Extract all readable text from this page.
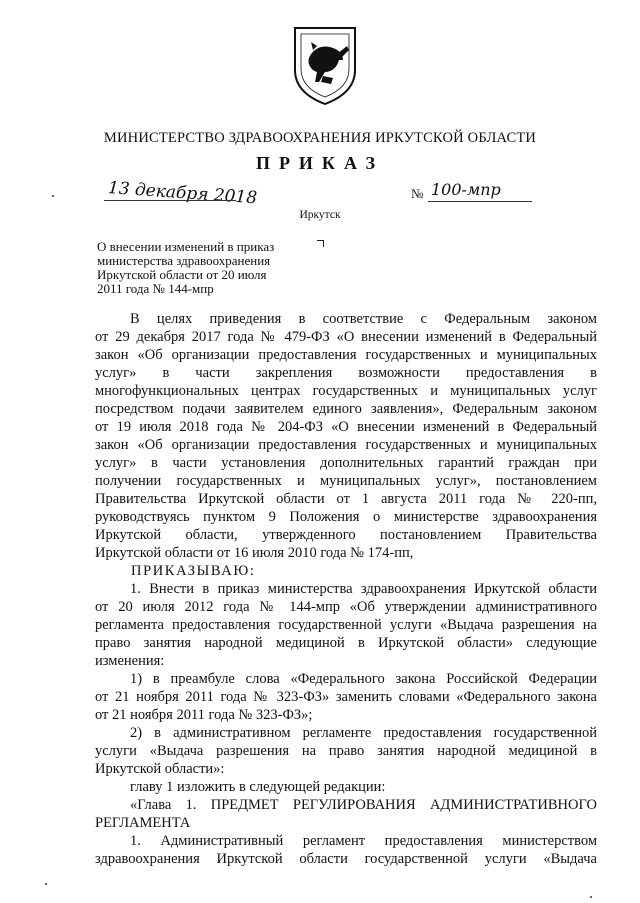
МИНИСТЕРСТВО ЗДРАВООХРАНЕНИЯ ИРКУТСКОЙ ОБЛАСТИ
ПРИКАЗ
13 декабря 2018	№ 100-мпр
Иркутск
О внесении изменений в приказ
министерства здравоохранения
Иркутской области от 20 июля
2011 года № 144-мпр
В целях приведения в соответствие с Федеральным законом
от 29 декабря 2017 года № 479-ФЗ «О внесении изменений в Федеральный
закон «Об организации предоставления государственных и муниципальных
услуг» в части закрепления возможности предоставления в
многофункциональных центрах государственных и муниципальных услуг
посредством подачи заявителем единого заявления», Федеральным законом
от 19 июля 2018 года № 204-ФЗ «О внесении изменений в Федеральный
закон «Об организации предоставления государственных и муниципальных
услуг» в части установления дополнительных гарантий граждан при
получении государственных и муниципальных услуг», постановлением
Правительства Иркутской области от 1 августа 2011 года № 220-пп,
руководствуясь пунктом 9 Положения о министерстве здравоохранения
Иркутской области, утвержденного постановлением Правительства
Иркутской области от 16 июля 2010 года № 174-пп,
ПРИКАЗЫВАЮ:
1. Внести в приказ министерства здравоохранения Иркутской области
от 20 июля 2012 года № 144-мпр «Об утверждении административного
регламента предоставления государственной услуги «Выдача разрешения на
право занятия народной медициной в Иркутской области» следующие
изменения:
1) в преамбуле слова «Федерального закона Российской Федерации
от 21 ноября 2011 года № 323-ФЗ» заменить словами «Федерального закона
от 21 ноября 2011 года № 323-ФЗ»;
2) в административном регламенте предоставления государственной
услуги «Выдача разрешения на право занятия народной медициной в
Иркутской области»:
главу 1 изложить в следующей редакции:
«Глава 1. ПРЕДМЕТ РЕГУЛИРОВАНИЯ АДМИНИСТРАТИВНОГО
РЕГЛАМЕНТА
1. Административный регламент предоставления министерством
здравоохранения Иркутской области государственной услуги «Выдача
